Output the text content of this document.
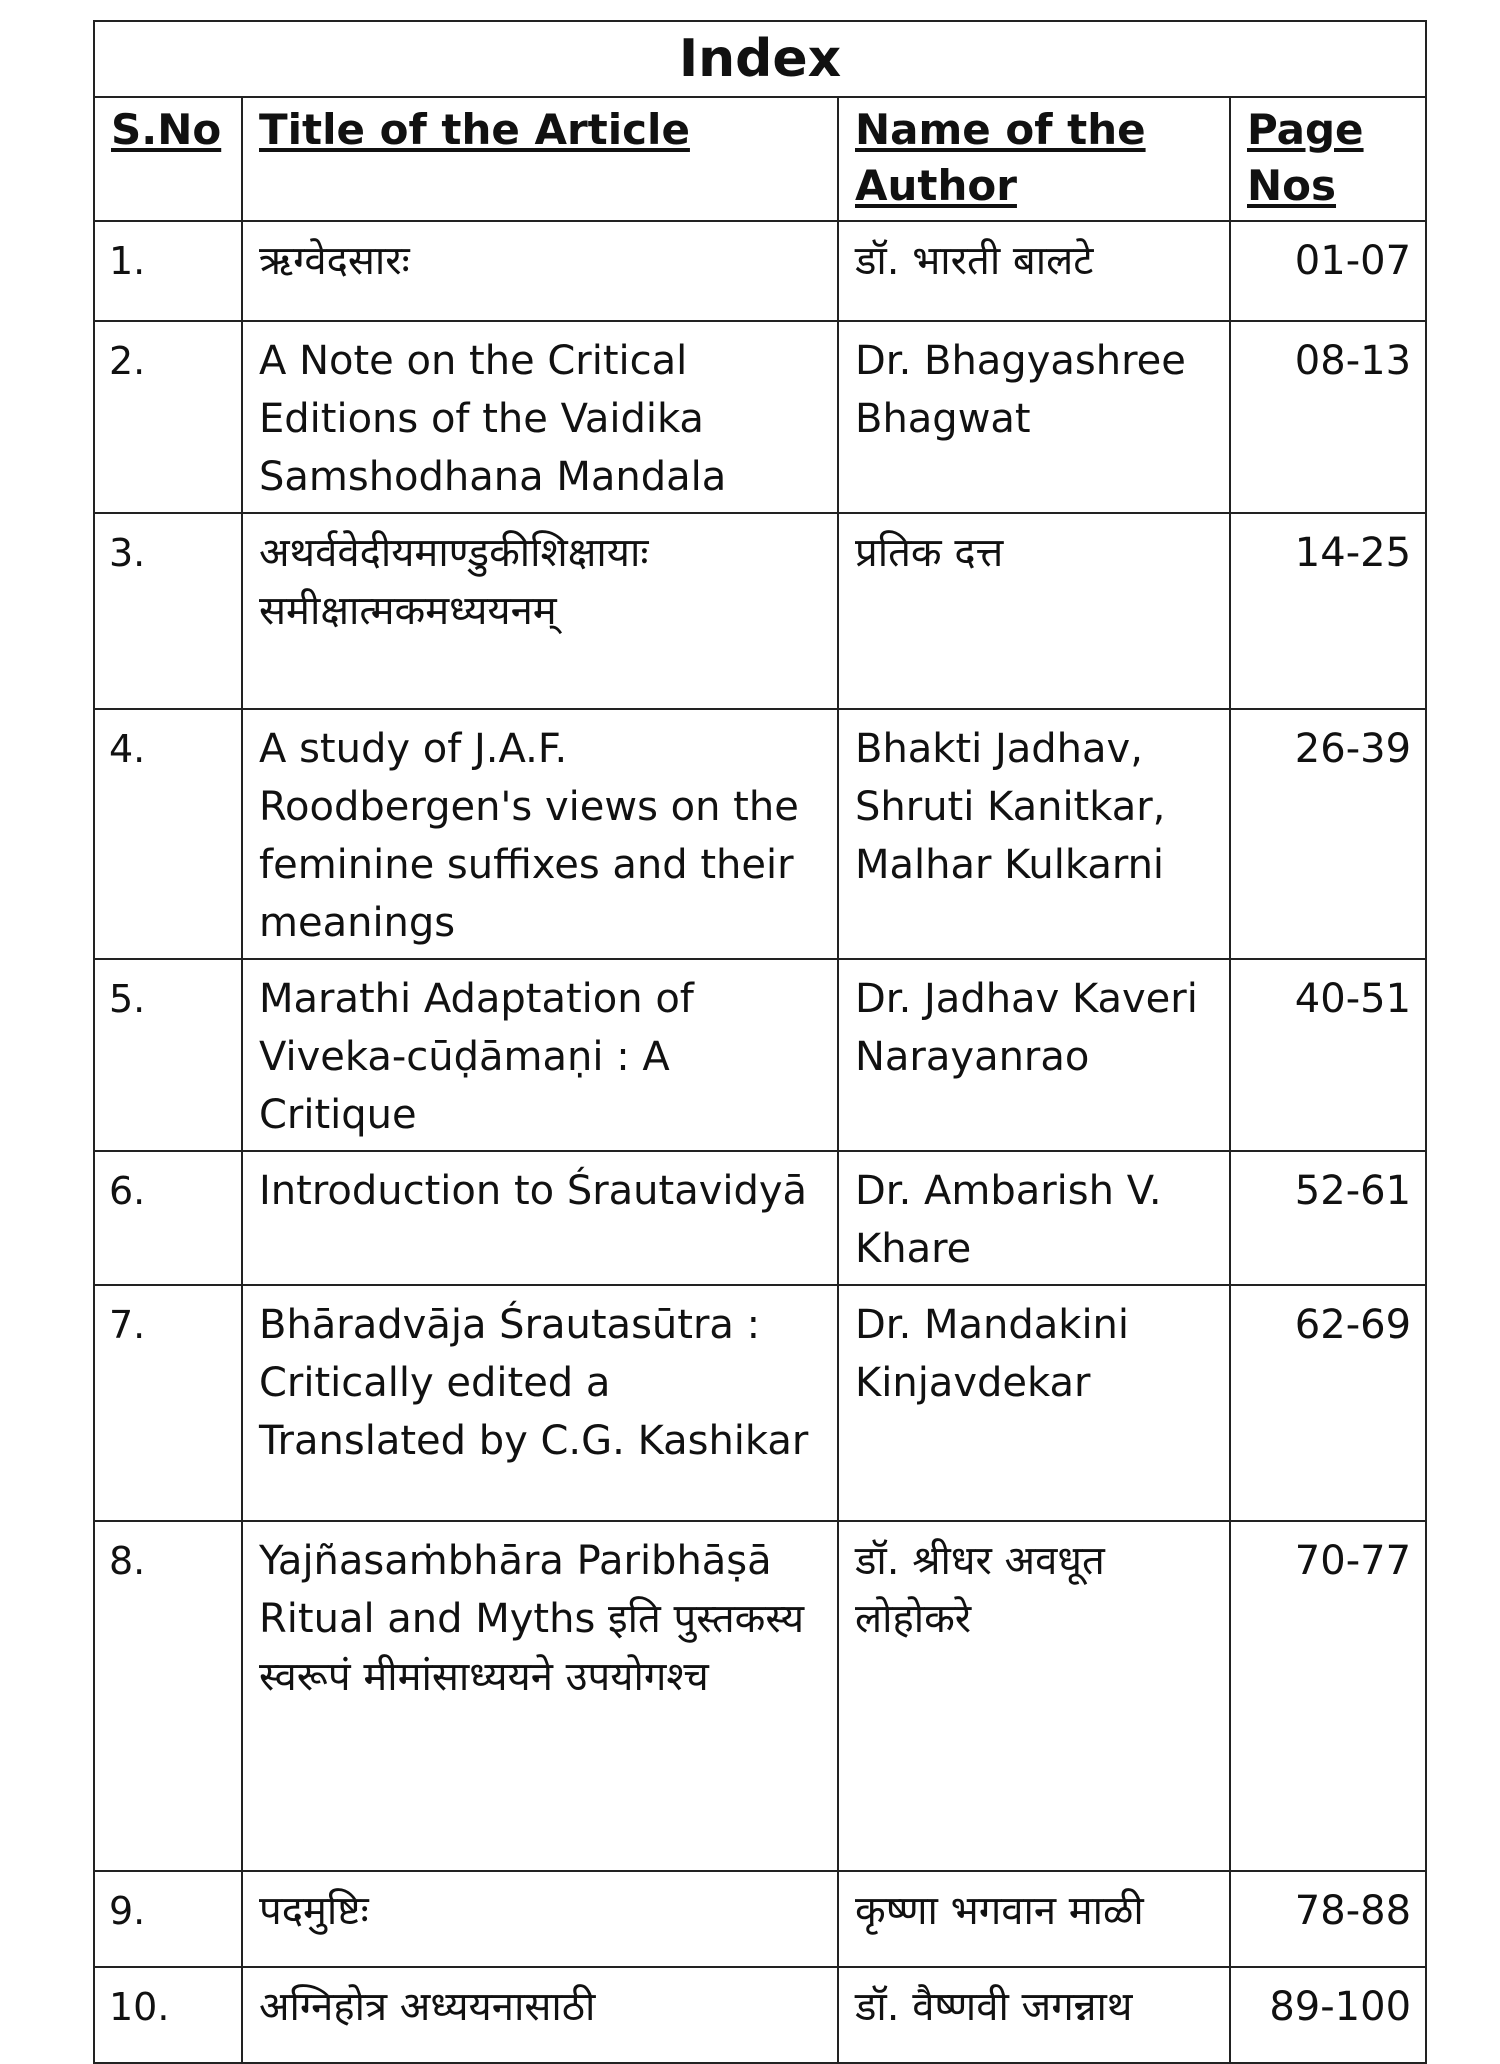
Index			
S.No	Title of the Article	Name of the Author	Page Nos
1.	ऋग्वेदसारः	डॉ. भारती बालटे	01-07
2.	A Note on the Critical Editions of the Vaidika Samshodhana Mandala	Dr. Bhagyashree Bhagwat	08-13
3.	अथर्ववेदीयमाण्डुकीशिक्षायाः समीक्षात्मकमध्ययनम्	प्रतिक दत्त	14-25
4.	A study of J.A.F. Roodbergen's views on the feminine suffixes and their meanings	Bhakti Jadhav, Shruti Kanitkar, Malhar Kulkarni	26-39
5.	Marathi Adaptation of Viveka-cūḍāmaṇi : A Critique	Dr. Jadhav Kaveri Narayanrao	40-51
6.	Introduction to Śrautavidyā	Dr. Ambarish V. Khare	52-61
7.	Bhāradvāja Śrautasūtra : Critically edited a Translated by C.G. Kashikar	Dr. Mandakini Kinjavdekar	62-69
8.	Yajñasaṁbhāra Paribhāṣā Ritual and Myths इति पुस्तकस्य स्वरूपं मीमांसाध्ययने उपयोगश्च	डॉ. श्रीधर अवधूत लोहोकरे	70-77
9.	पदमुष्टिः	कृष्णा भगवान माळी	78-88
10.	अग्निहोत्र अध्ययनासाठी	डॉ. वैष्णवी जगन्नाथ	89-100
